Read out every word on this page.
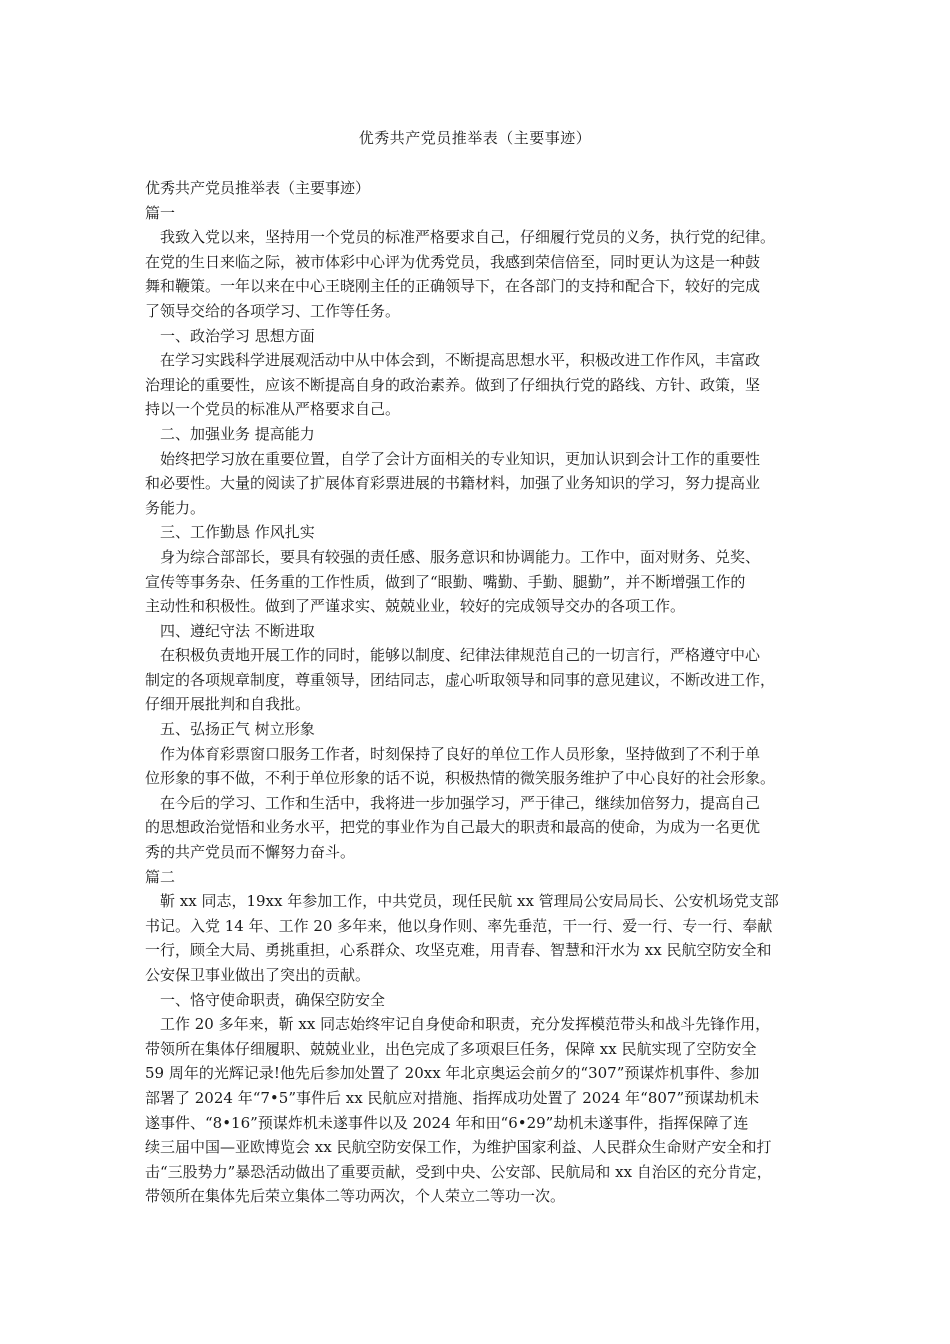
优秀共产党员推举表（主要事迹）
优秀共产党员推举表（主要事迹）
篇一
我致入党以来，坚持用一个党员的标准严格要求自己，仔细履行党员的义务，执行党的纪律。
在党的生日来临之际，被市体彩中心评为优秀党员，我感到荣信倍至，同时更认为这是一种鼓
舞和鞭策。一年以来在中心王晓刚主任的正确领导下，在各部门的支持和配合下，较好的完成
了领导交给的各项学习、工作等任务。
一、政治学习 思想方面
在学习实践科学进展观活动中从中体会到，不断提高思想水平，积极改进工作作风，丰富政
治理论的重要性，应该不断提高自身的政治素养。做到了仔细执行党的路线、方针、政策，坚
持以一个党员的标准从严格要求自己。
二、加强业务 提高能力
始终把学习放在重要位置，自学了会计方面相关的专业知识，更加认识到会计工作的重要性
和必要性。大量的阅读了扩展体育彩票进展的书籍材料，加强了业务知识的学习，努力提高业
务能力。
三、工作勤恳 作风扎实
身为综合部部长，要具有较强的责任感、服务意识和协调能力。工作中，面对财务、兑奖、
宣传等事务杂、任务重的工作性质，做到了“眼勤、嘴勤、手勤、腿勤”，并不断增强工作的
主动性和积极性。做到了严谨求实、兢兢业业，较好的完成领导交办的各项工作。
四、遵纪守法 不断进取
在积极负责地开展工作的同时，能够以制度、纪律法律规范自己的一切言行，严格遵守中心
制定的各项规章制度，尊重领导，团结同志，虚心听取领导和同事的意见建议，不断改进工作，
仔细开展批判和自我批。
五、弘扬正气 树立形象
作为体育彩票窗口服务工作者，时刻保持了良好的单位工作人员形象，坚持做到了不利于单
位形象的事不做，不利于单位形象的话不说，积极热情的微笑服务维护了中心良好的社会形象。
在今后的学习、工作和生活中，我将进一步加强学习，严于律己，继续加倍努力，提高自己
的思想政治觉悟和业务水平，把党的事业作为自己最大的职责和最高的使命，为成为一名更优
秀的共产党员而不懈努力奋斗。
篇二
靳 xx 同志，19xx 年参加工作，中共党员，现任民航 xx 管理局公安局局长、公安机场党支部
书记。入党 14 年、工作 20 多年来，他以身作则、率先垂范，干一行、爱一行、专一行、奉献
一行，顾全大局、勇挑重担，心系群众、攻坚克难，用青春、智慧和汗水为 xx 民航空防安全和
公安保卫事业做出了突出的贡献。
一、恪守使命职责，确保空防安全
工作 20 多年来，靳 xx 同志始终牢记自身使命和职责，充分发挥模范带头和战斗先锋作用，
带领所在集体仔细履职、兢兢业业，出色完成了多项艰巨任务，保障 xx 民航实现了空防安全
59 周年的光辉记录!他先后参加处置了 20xx 年北京奥运会前夕的“307”预谋炸机事件、参加
部署了 2024 年“7•5”事件后 xx 民航应对措施、指挥成功处置了 2024 年“807”预谋劫机未
遂事件、“8•16”预谋炸机未遂事件以及 2024 年和田“6•29”劫机未遂事件，指挥保障了连
续三届中国—亚欧博览会 xx 民航空防安保工作，为维护国家利益、人民群众生命财产安全和打
击“三股势力”暴恐活动做出了重要贡献，受到中央、公安部、民航局和 xx 自治区的充分肯定，
带领所在集体先后荣立集体二等功两次，个人荣立二等功一次。
